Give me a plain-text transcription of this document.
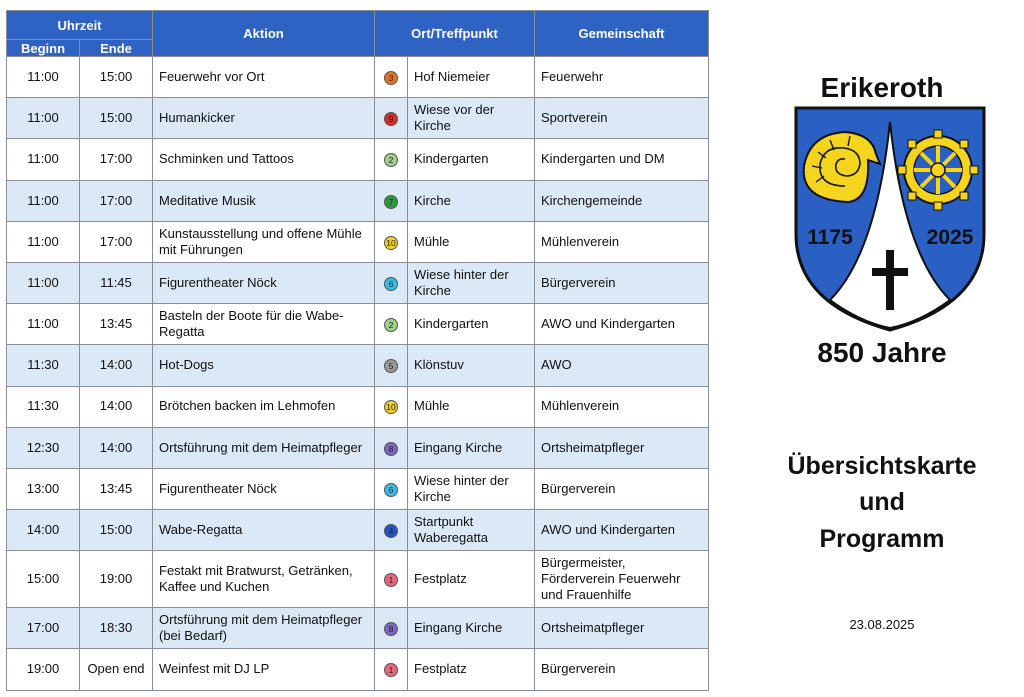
Uhrzeit		Aktion	Ort/Treffpunkt		Gemeinschaft
Beginn	Ende				
11:00	15:00	Feuerwehr vor Ort	3	Hof Niemeier	Feuerwehr
11:00	15:00	Humankicker	9	Wiese vor der Kirche	Sportverein
11:00	17:00	Schminken und Tattoos	2	Kindergarten	Kindergarten und DM
11:00	17:00	Meditative Musik	7	Kirche	Kirchengemeinde
11:00	17:00	Kunstausstellung und offene Mühle mit Führungen	10	Mühle	Mühlenverein
11:00	11:45	Figurentheater Nöck	6	Wiese hinter der Kirche	Bürgerverein
11:00	13:45	Basteln der Boote für die Wabe-Regatta	2	Kindergarten	AWO und Kindergarten
11:30	14:00	Hot-Dogs	5	Klönstuv	AWO
11:30	14:00	Brötchen backen im Lehmofen	10	Mühle	Mühlenverein
12:30	14:00	Ortsführung mit dem Heimatpfleger	8	Eingang Kirche	Ortsheimatpfleger
13:00	13:45	Figurentheater Nöck	6	Wiese hinter der Kirche	Bürgerverein
14:00	15:00	Wabe-Regatta	4	Startpunkt Waberegatta	AWO und Kindergarten
15:00	19:00	Festakt mit Bratwurst, Getränken, Kaffee und Kuchen	1	Festplatz	Bürgermeister, Förderverein Feuerwehr und Frauenhilfe
17:00	18:30	Ortsführung mit dem Heimatpfleger (bei Bedarf)	8	Eingang Kirche	Ortsheimatpfleger
19:00	Open end	Weinfest mit DJ LP	1	Festplatz	Bürgerverein
Erikeroth
1175	2025
850 Jahre
Übersichtskarte
und
Programm
23.08.2025
